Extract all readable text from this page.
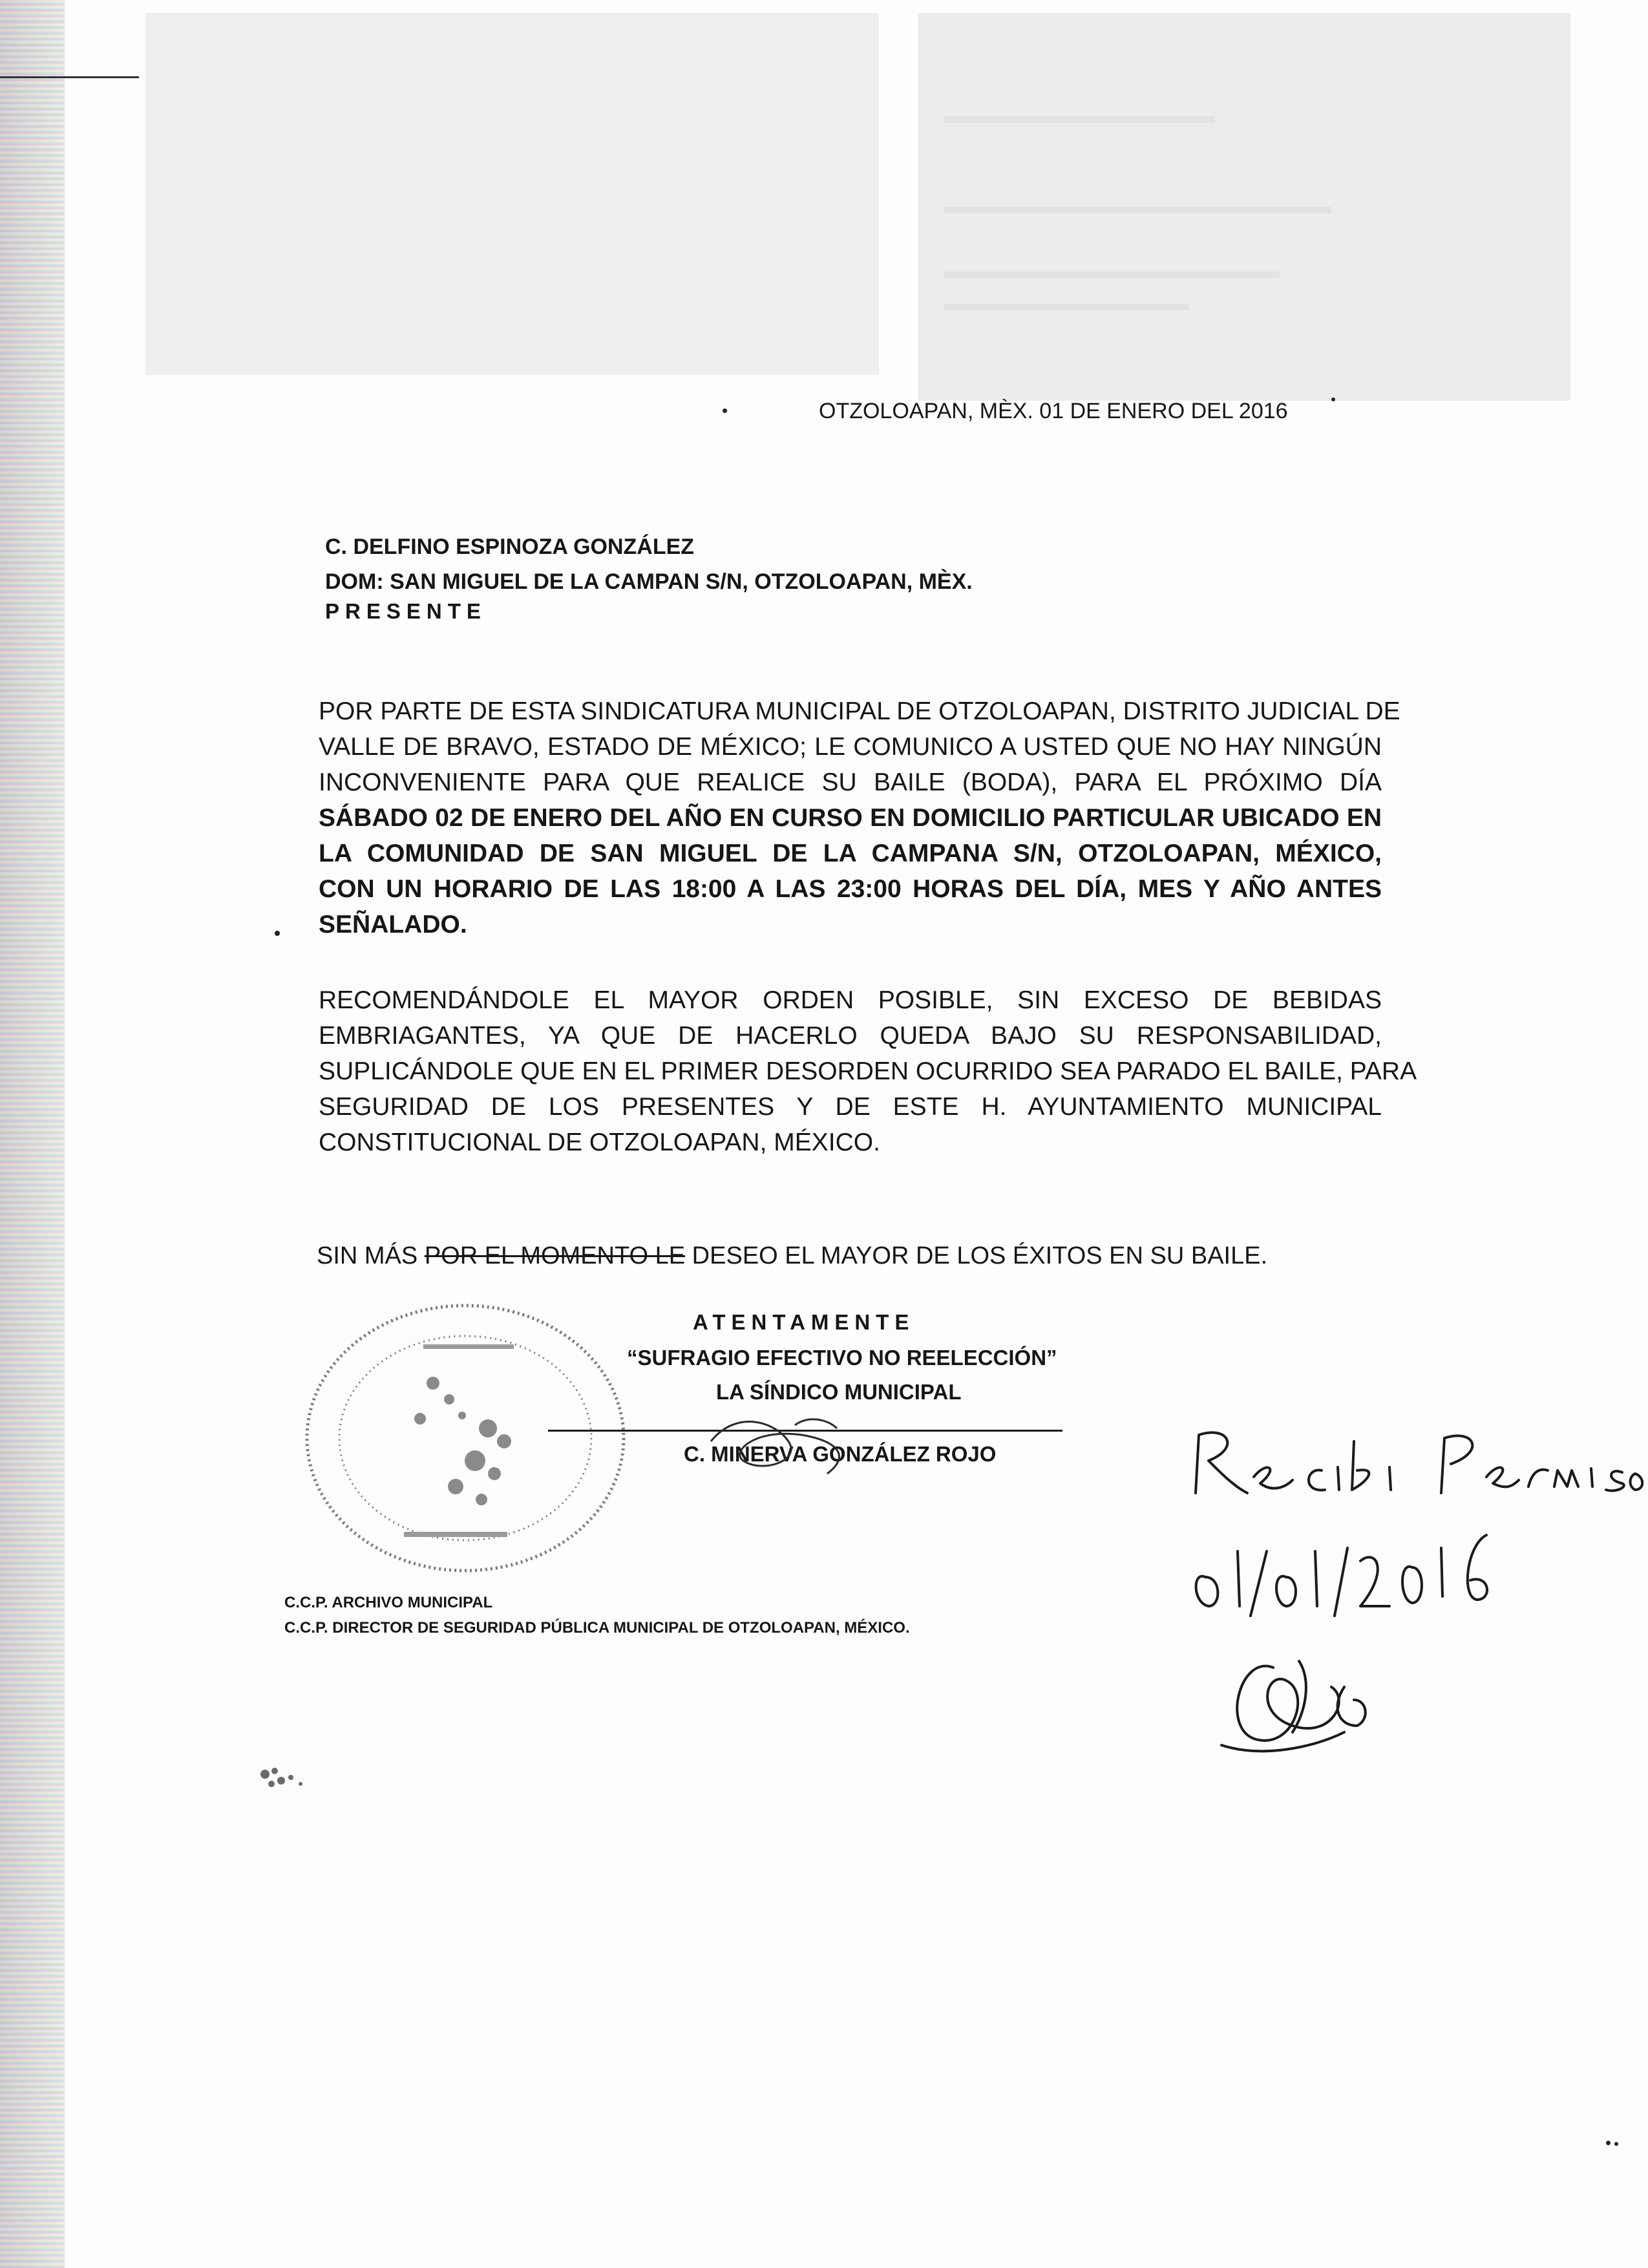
OTZOLOAPAN, MÈX. 01 DE ENERO DEL 2016
C. DELFINO ESPINOZA GONZÁLEZ
DOM: SAN MIGUEL DE LA CAMPAN S/N, OTZOLOAPAN, MÈX.
PRESENTE
POR PARTE DE ESTA SINDICATURA MUNICIPAL DE OTZOLOAPAN, DISTRITO JUDICIAL DE
VALLE DE BRAVO, ESTADO DE MÉXICO; LE COMUNICO A USTED QUE NO HAY NINGÚN
INCONVENIENTE PARA QUE REALICE SU BAILE (BODA), PARA EL PRÓXIMO DÍA
SÁBADO 02 DE ENERO DEL AÑO EN CURSO EN DOMICILIO PARTICULAR UBICADO EN
LA COMUNIDAD DE SAN MIGUEL DE LA CAMPANA S/N, OTZOLOAPAN, MÉXICO,
CON UN HORARIO DE LAS 18:00 A LAS 23:00 HORAS DEL DÍA, MES Y AÑO ANTES
SEÑALADO.
RECOMENDÁNDOLE EL MAYOR ORDEN POSIBLE, SIN EXCESO DE BEBIDAS
EMBRIAGANTES, YA QUE DE HACERLO QUEDA BAJO SU RESPONSABILIDAD,
SUPLICÁNDOLE QUE EN EL PRIMER DESORDEN OCURRIDO SEA PARADO EL BAILE, PARA
SEGURIDAD DE LOS PRESENTES Y DE ESTE H. AYUNTAMIENTO MUNICIPAL
CONSTITUCIONAL DE OTZOLOAPAN, MÉXICO.
SIN MÁS POR EL MOMENTO LE DESEO EL MAYOR DE LOS ÉXITOS EN SU BAILE.
ATENTAMENTE
“SUFRAGIO EFECTIVO NO REELECCIÓN”
LA SÍNDICO MUNICIPAL
C. MINERVA GONZÁLEZ ROJO
C.C.P. ARCHIVO MUNICIPAL
C.C.P. DIRECTOR DE SEGURIDAD PÚBLICA MUNICIPAL DE OTZOLOAPAN, MÉXICO.
